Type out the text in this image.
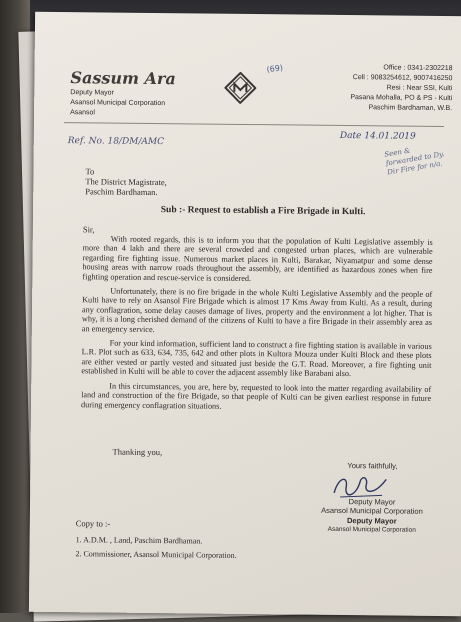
Sassum Ara
Deputy Mayor
Asansol Municipal Corporation
Asansol
(69)	Office : 0341-2302218
Cell : 9083254612, 9007416250
Resi : Near SSI, Kulti
Pasana Mohalla, PO & PS - Kulti
Paschim Bardhaman, W.B.
Ref. No. 18/DM/AMC	Date 14.01.2019
Seen & forwarded to Dy. Dir Fire for n/a.
To
The District Magistrate,
Paschim Bardhaman.
Sub :- Request to establish a Fire Brigade in Kulti.
Sir,

With rooted regards, this is to inform you that the population of Kulti Legislative assembly is more than 4 lakh and there are several crowded and congested urban places, which are vulnerable regarding fire fighting issue. Numerous market places in Kulti, Barakar, Niyamatpur and some dense housing areas with narrow roads throughout the assembly, are identified as hazardous zones when fire fighting operation and rescue-service is considered.

Unfortunately, there is no fire brigade in the whole Kulti Legislative Assembly and the people of Kulti have to rely on Asansol Fire Brigade which is almost 17 Kms Away from Kulti. As a result, during any conflagration, some delay causes damage of lives, property and the environment a lot higher. That is why, it is a long cherished demand of the citizens of Kulti to have a fire Brigade in their assembly area as an emergency service.

For your kind information, sufficient land to construct a fire fighting station is available in various L.R. Plot such as 633, 634, 735, 642 and other plots in Kultora Mouza under Kulti Block and these plots are either vested or partly vested and situated just beside the G.T. Road. Moreover, a fire fighting unit established in Kulti will be able to cover the adjacent assembly like Barabani also.

In this circumstances, you are, here by, requested to look into the matter regarding availability of land and construction of the fire Brigade, so that people of Kulti can be given earliest response in future during emergency conflagration situations.

Thanking you,
Yours faithfully,
Deputy Mayor
Asansol Municipal Corporation
Deputy Mayor
Asansol Municipal Corporation
Copy to :-
1. A.D.M. , Land, Paschim Bardhaman.
2. Commissioner, Asansol Municipal Corporation.
